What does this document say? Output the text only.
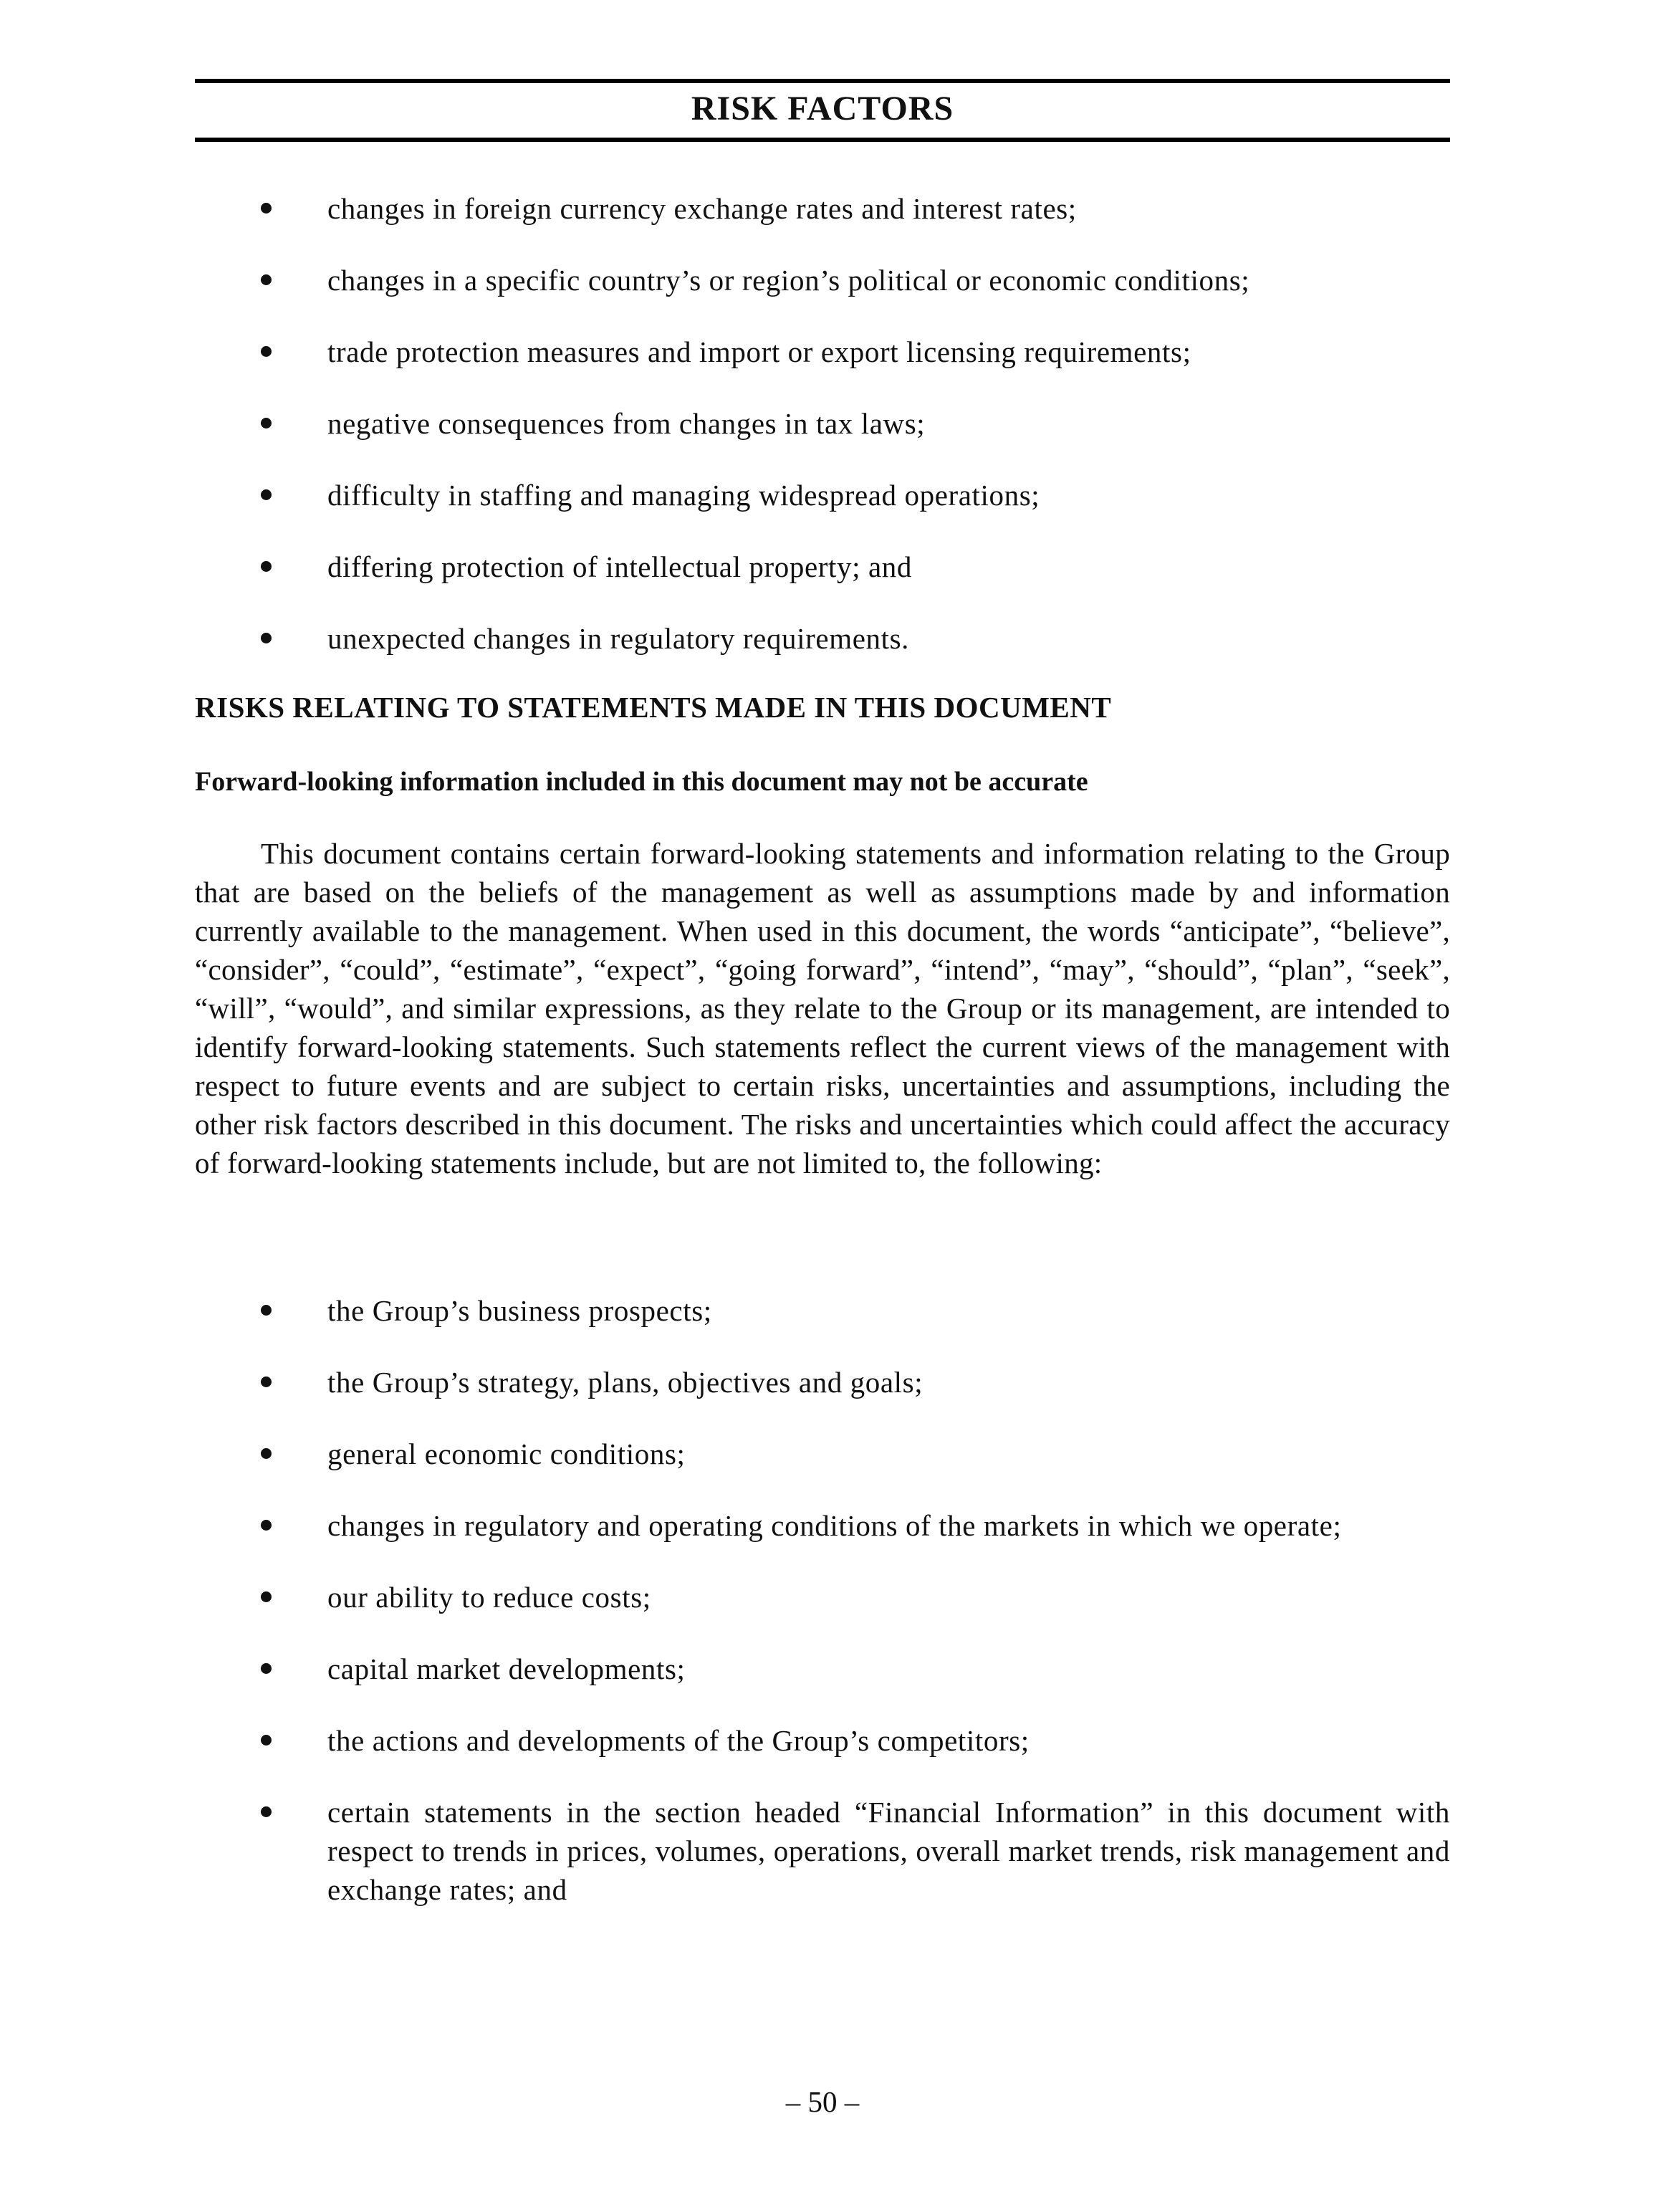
RISK FACTORS
changes in foreign currency exchange rates and interest rates;
changes in a specific country’s or region’s political or economic conditions;
trade protection measures and import or export licensing requirements;
negative consequences from changes in tax laws;
difficulty in staffing and managing widespread operations;
differing protection of intellectual property; and
unexpected changes in regulatory requirements.
RISKS RELATING TO STATEMENTS MADE IN THIS DOCUMENT
Forward-looking information included in this document may not be accurate

This document contains certain forward-looking statements and information relating to the Group that are based on the beliefs of the management as well as assumptions made by and information currently available to the management. When used in this document, the words “anticipate”, “believe”, “consider”, “could”, “estimate”, “expect”, “going forward”, “intend”, “may”, “should”, “plan”, “seek”, “will”, “would”, and similar expressions, as they relate to the Group or its management, are intended to identify forward-looking statements. Such statements reflect the current views of the management with respect to future events and are subject to certain risks, uncertainties and assumptions, including the other risk factors described in this document. The risks and uncertainties which could affect the accuracy of forward-looking statements include, but are not limited to, the following:

the Group’s business prospects;
the Group’s strategy, plans, objectives and goals;
general economic conditions;
changes in regulatory and operating conditions of the markets in which we operate;
our ability to reduce costs;
capital market developments;
the actions and developments of the Group’s competitors;
certain statements in the section headed “Financial Information” in this document with respect to trends in prices, volumes, operations, overall market trends, risk management and exchange rates; and
– 50 –
